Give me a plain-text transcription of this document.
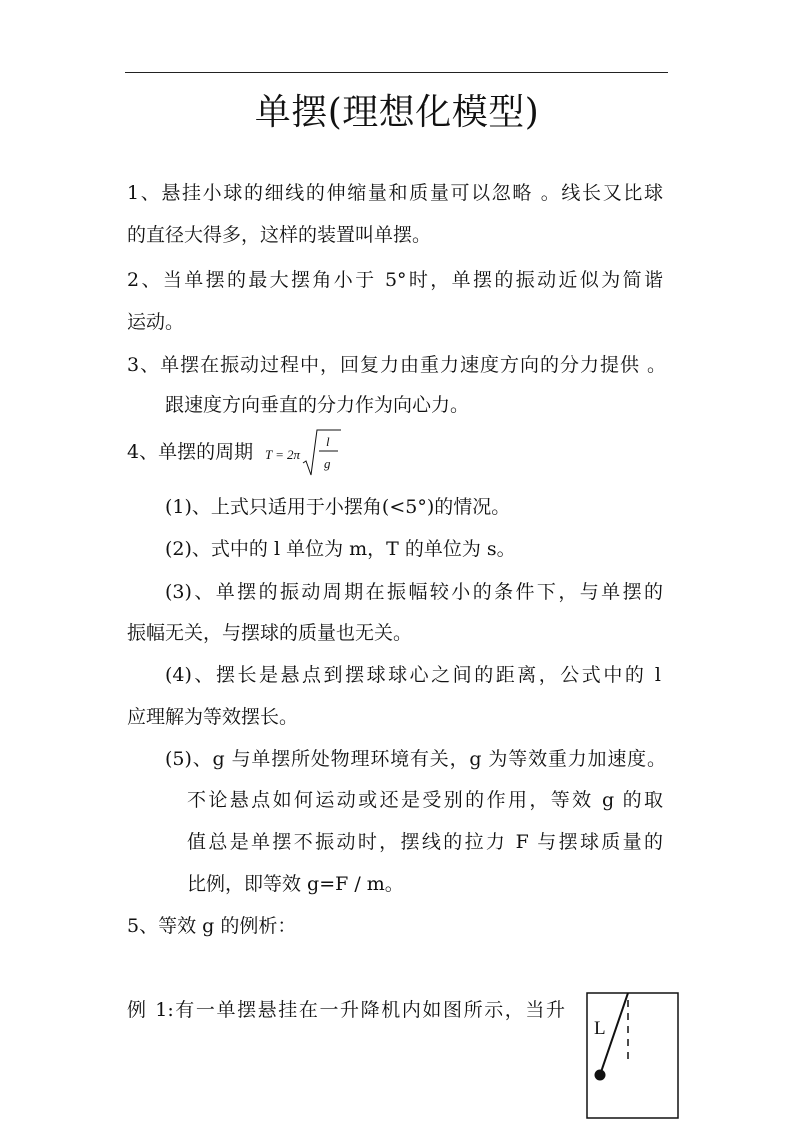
单摆(理想化模型)
1、悬挂小球的细线的伸缩量和质量可以忽略 。线长又比球
的直径大得多，这样的装置叫单摆。
2、当单摆的最大摆角小于 5°时，单摆的振动近似为简谐
运动。
3、单摆在振动过程中，回复力由重力速度方向的分力提供 。
跟速度方向垂直的分力作为向心力。
4、单摆的周期 T = 2π
l
g
(1)、上式只适用于小摆角(<5°)的情况。
(2)、式中的 l 单位为 m，T 的单位为 s。
(3)、单摆的振动周期在振幅较小的条件下，与单摆的
振幅无关，与摆球的质量也无关。
(4)、摆长是悬点到摆球球心之间的距离，公式中的 l
应理解为等效摆长。
(5)、g 与单摆所处物理环境有关，g 为等效重力加速度。
不论悬点如何运动或还是受别的作用，等效 g 的取
值总是单摆不振动时，摆线的拉力 F 与摆球质量的
比例，即等效 g=F / m。
5、等效 g 的例析：
例 1:有一单摆悬挂在一升降机内如图所示，当升
L
